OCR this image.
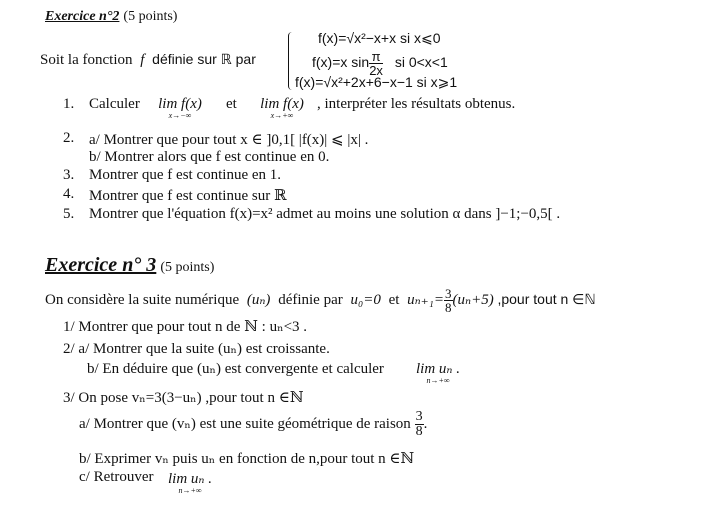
Exercice n°2 (5 points)
Soit la fonction f définie sur ℝ par
f(x)=√x²−x+x si x⩽0
f(x)=x $\sin \frac{\pi}{2x}$ si 0<x<1
f(x)=√x²+2x+6−x−1 si x⩾1
1. Calculer	lim f(x)
x→−∞
et	lim f(x)
x→+∞
, interpréter les résultats obtenus.
2. a/ Montrer que pour tout x ∈ ]0,1[ |f(x)| ⩽ |x| .
b/ Montrer alors que f est continue en 0.
3. Montrer que f est continue en 1.
4. Montrer que f est continue sur ℝ
5. Montrer que l'équation f(x)=x² admet au moins une solution α dans ]−1;−0,5[ .
Exercice n° 3 (5 points)
On considère la suite numérique (uₙ) définie par u₀=0 et $u_{n+1}= \frac{3}{8} (u_n+5)$ ,pour tout n ∈ℕ
1/ Montrer que pour tout n de ℕ : uₙ<3 .
2/ a/ Montrer que la suite (uₙ) est croissante.
b/ En déduire que (uₙ) est convergente et calculer	lim uₙ .
n→+∞
3/ On pose vₙ=3(3−uₙ) ,pour tout n ∈ℕ
a/ Montrer que (vₙ) est une suite géométrique de raison $\frac{3}{8}$ .
b/ Exprimer vₙ puis uₙ en fonction de n,pour tout n ∈ℕ
c/ Retrouver lim uₙ .
n→+∞
